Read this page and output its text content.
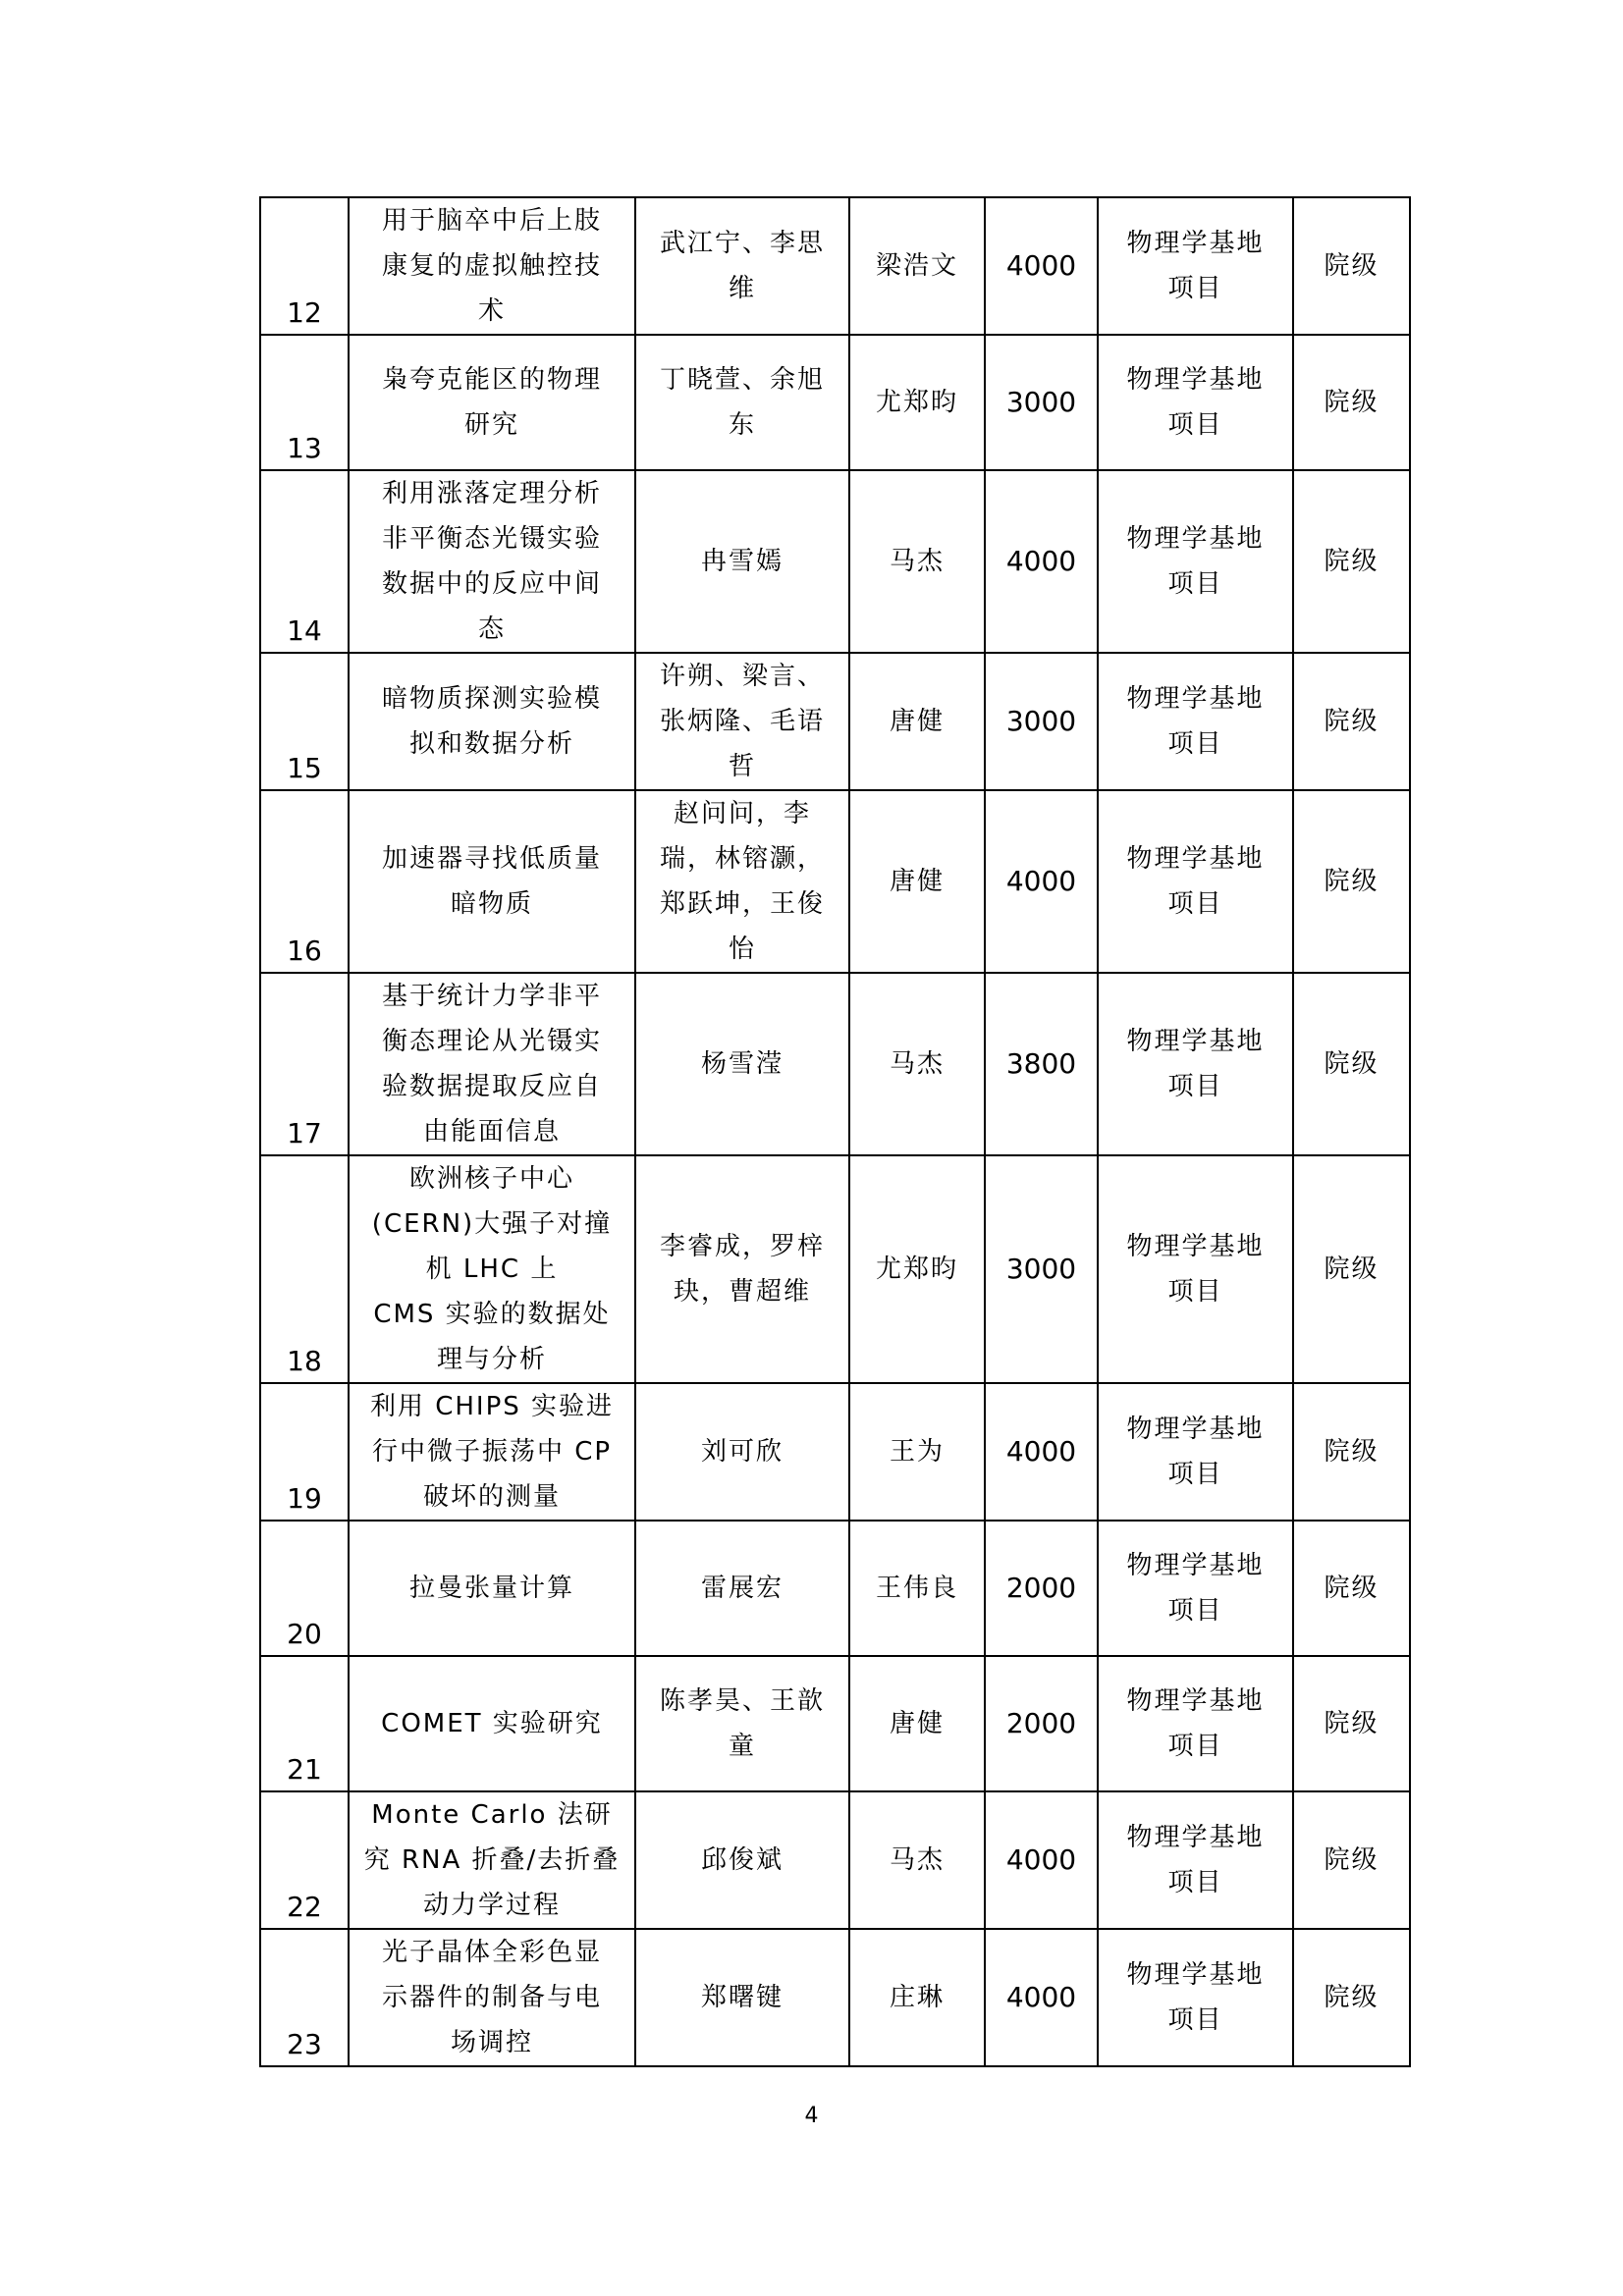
12	用于脑卒中后上肢
康复的虚拟触控技
术	武江宁、李思
维	梁浩文	4000	物理学基地
项目	院级

13	枭夸克能区的物理
研究	丁晓萱、余旭
东	尤郑昀	3000	物理学基地
项目	院级

14	利用涨落定理分析
非平衡态光镊实验
数据中的反应中间
态	冉雪嫣	马杰	4000	物理学基地
项目	院级

15	暗物质探测实验模
拟和数据分析	许朔、梁言、
张炳隆、毛语
哲	唐健	3000	物理学基地
项目	院级

16	加速器寻找低质量
暗物质	赵问问，李
瑞，林镕灏，
郑跃坤，王俊
怡	唐健	4000	物理学基地
项目	院级

17	基于统计力学非平
衡态理论从光镊实
验数据提取反应自
由能面信息	杨雪滢	马杰	3800	物理学基地
项目	院级

18	欧洲核子中心
(CERN)大强子对撞
机 LHC 上
CMS 实验的数据处
理与分析	李睿成，罗梓
玦，曹超维	尤郑昀	3000	物理学基地
项目	院级

19	利用 CHIPS 实验进
行中微子振荡中 CP
破坏的测量	刘可欣	王为	4000	物理学基地
项目	院级

20	拉曼张量计算	雷展宏	王伟良	2000	物理学基地
项目	院级

21	COMET 实验研究	陈孝昊、王歆
童	唐健	2000	物理学基地
项目	院级

22	Monte Carlo 法研
究 RNA 折叠/去折叠
动力学过程	邱俊斌	马杰	4000	物理学基地
项目	院级

23	光子晶体全彩色显
示器件的制备与电
场调控	郑曙键	庄琳	4000	物理学基地
项目	院级
4
